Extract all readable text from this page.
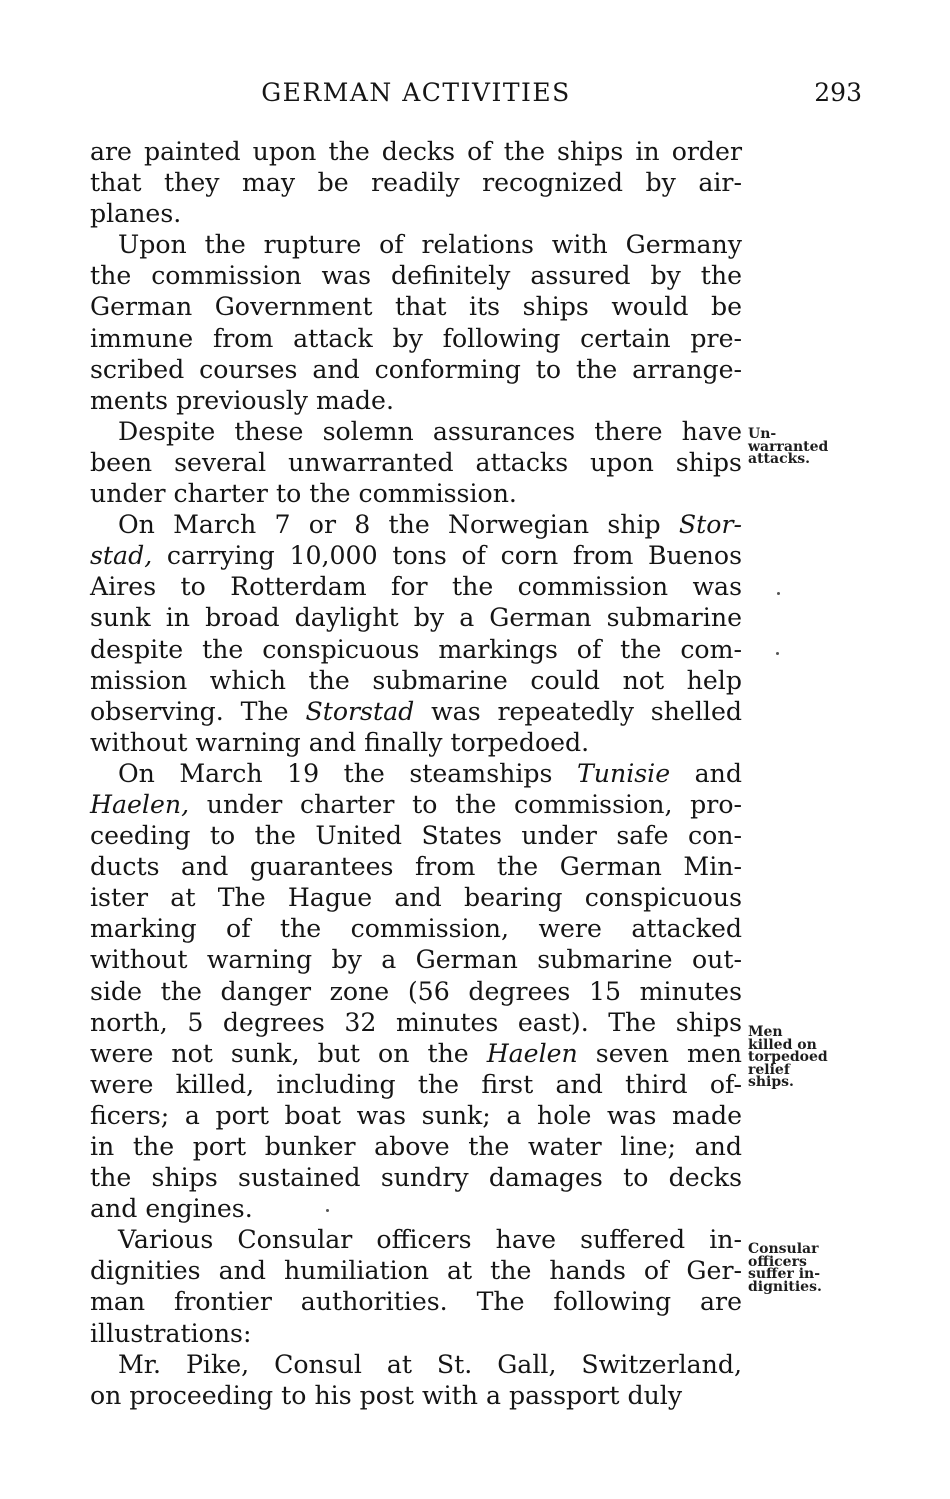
GERMAN ACTIVITIES	293
are painted upon the decks of the ships in order
that they may be readily recognized by air-
planes.
Upon the rupture of relations with Germany
the commission was definitely assured by the
German Government that its ships would be
immune from attack by following certain pre-
scribed courses and conforming to the arrange-
ments previously made.
Despite these solemn assurances there have
been several unwarranted attacks upon ships
under charter to the commission.
On March 7 or 8 the Norwegian ship Stor-
stad, carrying 10,000 tons of corn from Buenos
Aires to Rotterdam for the commission was
sunk in broad daylight by a German submarine
despite the conspicuous markings of the com-
mission which the submarine could not help
observing. The Storstad was repeatedly shelled
without warning and finally torpedoed.
On March 19 the steamships Tunisie and
Haelen, under charter to the commission, pro-
ceeding to the United States under safe con-
ducts and guarantees from the German Min-
ister at The Hague and bearing conspicuous
marking of the commission, were attacked
without warning by a German submarine out-
side the danger zone (56 degrees 15 minutes
north, 5 degrees 32 minutes east). The ships
were not sunk, but on the Haelen seven men
were killed, including the first and third of-
ficers; a port boat was sunk; a hole was made
in the port bunker above the water line; and
the ships sustained sundry damages to decks
and engines.
Various Consular officers have suffered in-
dignities and humiliation at the hands of Ger-
man frontier authorities. The following are
illustrations:
Mr. Pike, Consul at St. Gall, Switzerland,
on proceeding to his post with a passport duly
Un-
warranted
attacks.
Men
killed on
torpedoed
relief
ships.
Consular
officers
suffer in-
dignities.
